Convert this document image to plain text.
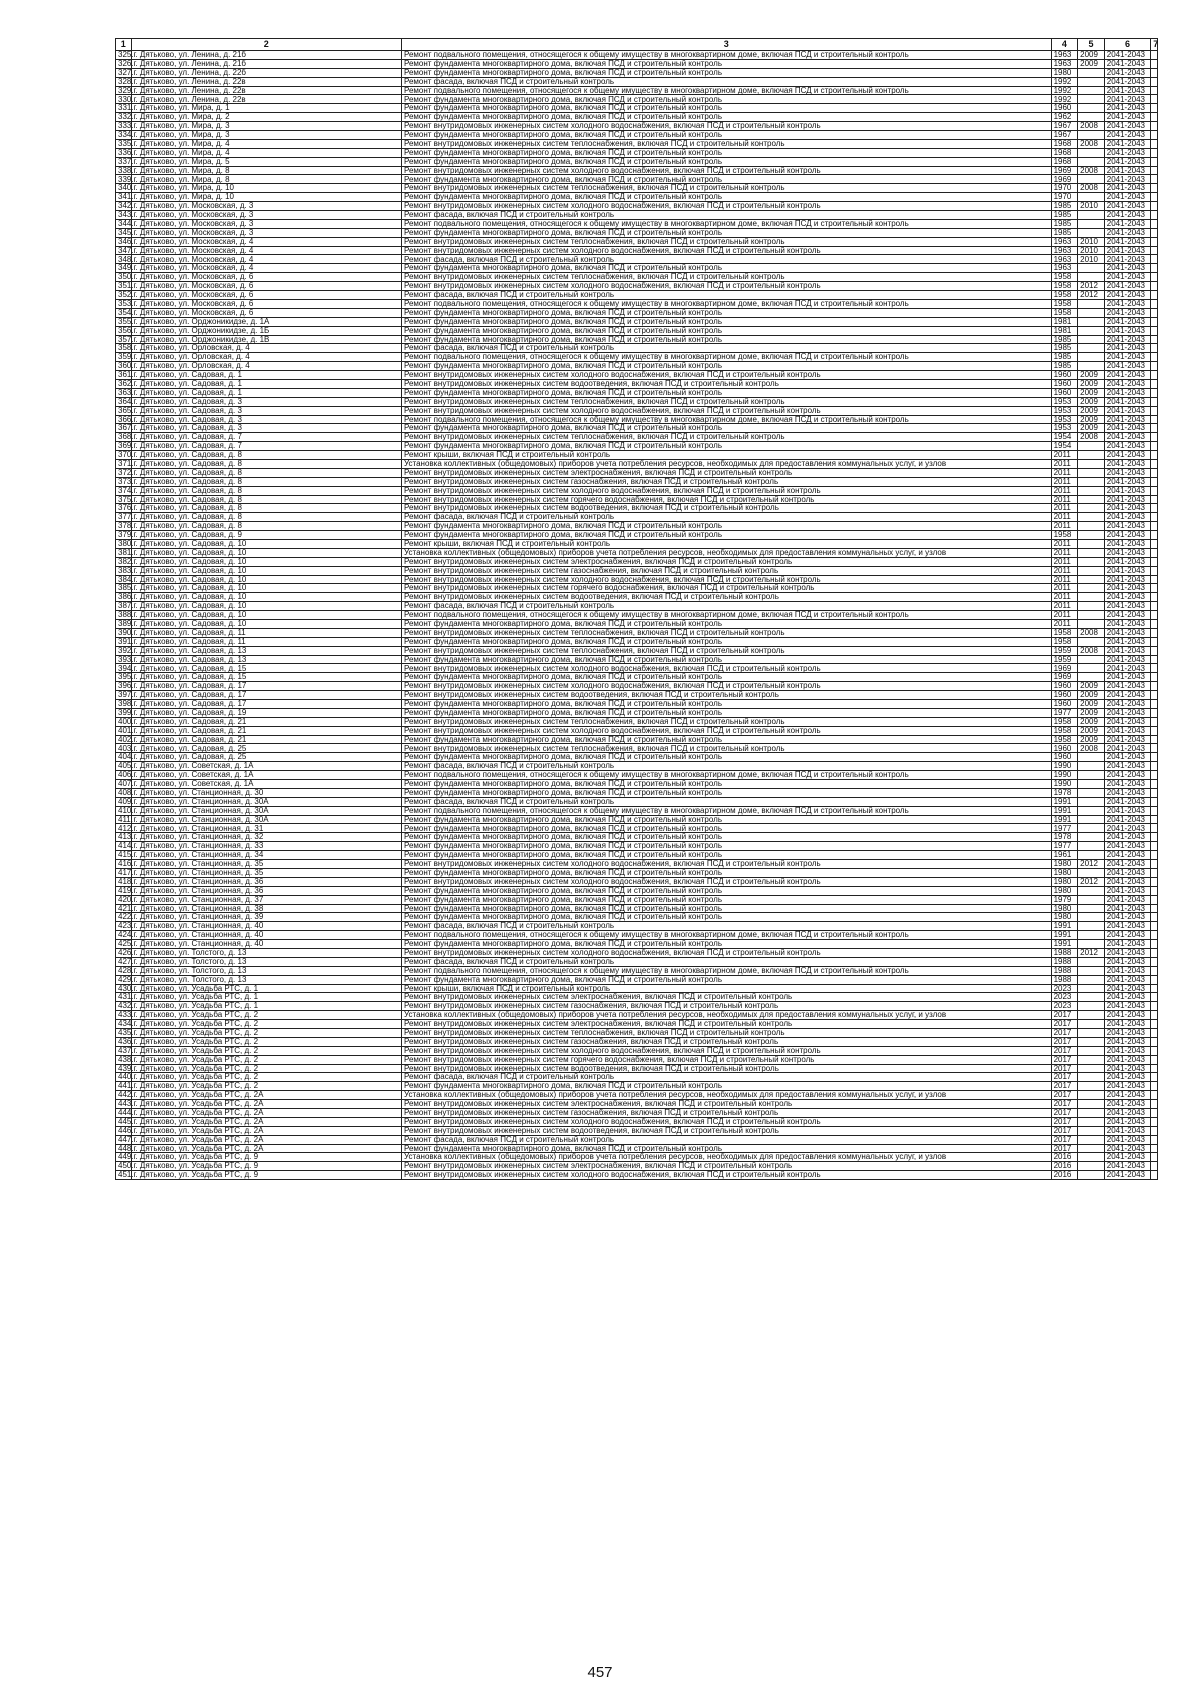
1	2	3	4	5	6	7
325.	г. Дятьково, ул. Ленина, д. 21б	Ремонт подвального помещения, относящегося к общему имуществу в многоквартирном доме, включая ПСД и строительный контроль	1963	2009	2041-2043	
326.	г. Дятьково, ул. Ленина, д. 21б	Ремонт фундамента многоквартирного дома, включая ПСД и строительный контроль	1963	2009	2041-2043	
327.	г. Дятьково, ул. Ленина, д. 22б	Ремонт фундамента многоквартирного дома, включая ПСД и строительный контроль	1980		2041-2043	
328.	г. Дятьково, ул. Ленина, д. 22в	Ремонт фасада, включая ПСД и строительный контроль	1992		2041-2043	
329.	г. Дятьково, ул. Ленина, д. 22в	Ремонт подвального помещения, относящегося к общему имуществу в многоквартирном доме, включая ПСД и строительный контроль	1992		2041-2043	
330.	г. Дятьково, ул. Ленина, д. 22в	Ремонт фундамента многоквартирного дома, включая ПСД и строительный контроль	1992		2041-2043	
331.	г. Дятьково, ул. Мира, д. 1	Ремонт фундамента многоквартирного дома, включая ПСД и строительный контроль	1960		2041-2043	
332.	г. Дятьково, ул. Мира, д. 2	Ремонт фундамента многоквартирного дома, включая ПСД и строительный контроль	1962		2041-2043	
333.	г. Дятьково, ул. Мира, д. 3	Ремонт внутридомовых инженерных систем холодного водоснабжения, включая ПСД и строительный контроль	1967	2008	2041-2043	
334.	г. Дятьково, ул. Мира, д. 3	Ремонт фундамента многоквартирного дома, включая ПСД и строительный контроль	1967		2041-2043	
335.	г. Дятьково, ул. Мира, д. 4	Ремонт внутридомовых инженерных систем теплоснабжения, включая ПСД и строительный контроль	1968	2008	2041-2043	
336.	г. Дятьково, ул. Мира, д. 4	Ремонт фундамента многоквартирного дома, включая ПСД и строительный контроль	1968		2041-2043	
337.	г. Дятьково, ул. Мира, д. 5	Ремонт фундамента многоквартирного дома, включая ПСД и строительный контроль	1968		2041-2043	
338.	г. Дятьково, ул. Мира, д. 8	Ремонт внутридомовых инженерных систем холодного водоснабжения, включая ПСД и строительный контроль	1969	2008	2041-2043	
339.	г. Дятьково, ул. Мира, д. 8	Ремонт фундамента многоквартирного дома, включая ПСД и строительный контроль	1969		2041-2043	
340.	г. Дятьково, ул. Мира, д. 10	Ремонт внутридомовых инженерных систем теплоснабжения, включая ПСД и строительный контроль	1970	2008	2041-2043	
341.	г. Дятьково, ул. Мира, д. 10	Ремонт фундамента многоквартирного дома, включая ПСД и строительный контроль	1970		2041-2043	
342.	г. Дятьково, ул. Московская, д. 3	Ремонт внутридомовых инженерных систем холодного водоснабжения, включая ПСД и строительный контроль	1985	2010	2041-2043	
343.	г. Дятьково, ул. Московская, д. 3	Ремонт фасада, включая ПСД и строительный контроль	1985		2041-2043	
344.	г. Дятьково, ул. Московская, д. 3	Ремонт подвального помещения, относящегося к общему имуществу в многоквартирном доме, включая ПСД и строительный контроль	1985		2041-2043	
345.	г. Дятьково, ул. Московская, д. 3	Ремонт фундамента многоквартирного дома, включая ПСД и строительный контроль	1985		2041-2043	
346.	г. Дятьково, ул. Московская, д. 4	Ремонт внутридомовых инженерных систем теплоснабжения, включая ПСД и строительный контроль	1963	2010	2041-2043	
347.	г. Дятьково, ул. Московская, д. 4	Ремонт внутридомовых инженерных систем холодного водоснабжения, включая ПСД и строительный контроль	1963	2010	2041-2043	
348.	г. Дятьково, ул. Московская, д. 4	Ремонт фасада, включая ПСД и строительный контроль	1963	2010	2041-2043	
349.	г. Дятьково, ул. Московская, д. 4	Ремонт фундамента многоквартирного дома, включая ПСД и строительный контроль	1963		2041-2043	
350.	г. Дятьково, ул. Московская, д. 6	Ремонт внутридомовых инженерных систем теплоснабжения, включая ПСД и строительный контроль	1958		2041-2043	
351.	г. Дятьково, ул. Московская, д. 6	Ремонт внутридомовых инженерных систем холодного водоснабжения, включая ПСД и строительный контроль	1958	2012	2041-2043	
352.	г. Дятьково, ул. Московская, д. 6	Ремонт фасада, включая ПСД и строительный контроль	1958	2012	2041-2043	
353.	г. Дятьково, ул. Московская, д. 6	Ремонт подвального помещения, относящегося к общему имуществу в многоквартирном доме, включая ПСД и строительный контроль	1958		2041-2043	
354.	г. Дятьково, ул. Московская, д. 6	Ремонт фундамента многоквартирного дома, включая ПСД и строительный контроль	1958		2041-2043	
355.	г. Дятьково, ул. Орджоникидзе, д. 1А	Ремонт фундамента многоквартирного дома, включая ПСД и строительный контроль	1981		2041-2043	
356.	г. Дятьково, ул. Орджоникидзе, д. 1Б	Ремонт фундамента многоквартирного дома, включая ПСД и строительный контроль	1981		2041-2043	
357.	г. Дятьково, ул. Орджоникидзе, д. 1В	Ремонт фундамента многоквартирного дома, включая ПСД и строительный контроль	1985		2041-2043	
358.	г. Дятьково, ул. Орловская, д. 4	Ремонт фасада, включая ПСД и строительный контроль	1985		2041-2043	
359.	г. Дятьково, ул. Орловская, д. 4	Ремонт подвального помещения, относящегося к общему имуществу в многоквартирном доме, включая ПСД и строительный контроль	1985		2041-2043	
360.	г. Дятьково, ул. Орловская, д. 4	Ремонт фундамента многоквартирного дома, включая ПСД и строительный контроль	1985		2041-2043	
361.	г. Дятьково, ул. Садовая, д. 1	Ремонт внутридомовых инженерных систем холодного водоснабжения, включая ПСД и строительный контроль	1960	2009	2041-2043	
362.	г. Дятьково, ул. Садовая, д. 1	Ремонт внутридомовых инженерных систем водоотведения, включая ПСД и строительный контроль	1960	2009	2041-2043	
363.	г. Дятьково, ул. Садовая, д. 1	Ремонт фундамента многоквартирного дома, включая ПСД и строительный контроль	1960	2009	2041-2043	
364.	г. Дятьково, ул. Садовая, д. 3	Ремонт внутридомовых инженерных систем теплоснабжения, включая ПСД и строительный контроль	1953	2009	2041-2043	
365.	г. Дятьково, ул. Садовая, д. 3	Ремонт внутридомовых инженерных систем холодного водоснабжения, включая ПСД и строительный контроль	1953	2009	2041-2043	
366.	г. Дятьково, ул. Садовая, д. 3	Ремонт подвального помещения, относящегося к общему имуществу в многоквартирном доме, включая ПСД и строительный контроль	1953	2009	2041-2043	
367.	г. Дятьково, ул. Садовая, д. 3	Ремонт фундамента многоквартирного дома, включая ПСД и строительный контроль	1953	2009	2041-2043	
368.	г. Дятьково, ул. Садовая, д. 7	Ремонт внутридомовых инженерных систем теплоснабжения, включая ПСД и строительный контроль	1954	2008	2041-2043	
369.	г. Дятьково, ул. Садовая, д. 7	Ремонт фундамента многоквартирного дома, включая ПСД и строительный контроль	1954		2041-2043	
370.	г. Дятьково, ул. Садовая, д. 8	Ремонт крыши, включая ПСД и строительный контроль	2011		2041-2043	
371.	г. Дятьково, ул. Садовая, д. 8	Установка коллективных (общедомовых) приборов учета потребления ресурсов, необходимых для предоставления коммунальных услуг, и узлов	2011		2041-2043	
372.	г. Дятьково, ул. Садовая, д. 8	Ремонт внутридомовых инженерных систем электроснабжения, включая ПСД и строительный контроль	2011		2041-2043	
373.	г. Дятьково, ул. Садовая, д. 8	Ремонт внутридомовых инженерных систем газоснабжения, включая ПСД и строительный контроль	2011		2041-2043	
374.	г. Дятьково, ул. Садовая, д. 8	Ремонт внутридомовых инженерных систем холодного водоснабжения, включая ПСД и строительный контроль	2011		2041-2043	
375.	г. Дятьково, ул. Садовая, д. 8	Ремонт внутридомовых инженерных систем горячего водоснабжения, включая ПСД и строительный контроль	2011		2041-2043	
376.	г. Дятьково, ул. Садовая, д. 8	Ремонт внутридомовых инженерных систем водоотведения, включая ПСД и строительный контроль	2011		2041-2043	
377.	г. Дятьково, ул. Садовая, д. 8	Ремонт фасада, включая ПСД и строительный контроль	2011		2041-2043	
378.	г. Дятьково, ул. Садовая, д. 8	Ремонт фундамента многоквартирного дома, включая ПСД и строительный контроль	2011		2041-2043	
379.	г. Дятьково, ул. Садовая, д. 9	Ремонт фундамента многоквартирного дома, включая ПСД и строительный контроль	1958		2041-2043	
380.	г. Дятьково, ул. Садовая, д. 10	Ремонт крыши, включая ПСД и строительный контроль	2011		2041-2043	
381.	г. Дятьково, ул. Садовая, д. 10	Установка коллективных (общедомовых) приборов учета потребления ресурсов, необходимых для предоставления коммунальных услуг, и узлов	2011		2041-2043	
382.	г. Дятьково, ул. Садовая, д. 10	Ремонт внутридомовых инженерных систем электроснабжения, включая ПСД и строительный контроль	2011		2041-2043	
383.	г. Дятьково, ул. Садовая, д. 10	Ремонт внутридомовых инженерных систем газоснабжения, включая ПСД и строительный контроль	2011		2041-2043	
384.	г. Дятьково, ул. Садовая, д. 10	Ремонт внутридомовых инженерных систем холодного водоснабжения, включая ПСД и строительный контроль	2011		2041-2043	
385.	г. Дятьково, ул. Садовая, д. 10	Ремонт внутридомовых инженерных систем горячего водоснабжения, включая ПСД и строительный контроль	2011		2041-2043	
386.	г. Дятьково, ул. Садовая, д. 10	Ремонт внутридомовых инженерных систем водоотведения, включая ПСД и строительный контроль	2011		2041-2043	
387.	г. Дятьково, ул. Садовая, д. 10	Ремонт фасада, включая ПСД и строительный контроль	2011		2041-2043	
388.	г. Дятьково, ул. Садовая, д. 10	Ремонт подвального помещения, относящегося к общему имуществу в многоквартирном доме, включая ПСД и строительный контроль	2011		2041-2043	
389.	г. Дятьково, ул. Садовая, д. 10	Ремонт фундамента многоквартирного дома, включая ПСД и строительный контроль	2011		2041-2043	
390.	г. Дятьково, ул. Садовая, д. 11	Ремонт внутридомовых инженерных систем теплоснабжения, включая ПСД и строительный контроль	1958	2008	2041-2043	
391.	г. Дятьково, ул. Садовая, д. 11	Ремонт фундамента многоквартирного дома, включая ПСД и строительный контроль	1958		2041-2043	
392.	г. Дятьково, ул. Садовая, д. 13	Ремонт внутридомовых инженерных систем теплоснабжения, включая ПСД и строительный контроль	1959	2008	2041-2043	
393.	г. Дятьково, ул. Садовая, д. 13	Ремонт фундамента многоквартирного дома, включая ПСД и строительный контроль	1959		2041-2043	
394.	г. Дятьково, ул. Садовая, д. 15	Ремонт внутридомовых инженерных систем холодного водоснабжения, включая ПСД и строительный контроль	1969		2041-2043	
395.	г. Дятьково, ул. Садовая, д. 15	Ремонт фундамента многоквартирного дома, включая ПСД и строительный контроль	1969		2041-2043	
396.	г. Дятьково, ул. Садовая, д. 17	Ремонт внутридомовых инженерных систем холодного водоснабжения, включая ПСД и строительный контроль	1960	2009	2041-2043	
397.	г. Дятьково, ул. Садовая, д. 17	Ремонт внутридомовых инженерных систем водоотведения, включая ПСД и строительный контроль	1960	2009	2041-2043	
398.	г. Дятьково, ул. Садовая, д. 17	Ремонт фундамента многоквартирного дома, включая ПСД и строительный контроль	1960	2009	2041-2043	
399.	г. Дятьково, ул. Садовая, д. 19	Ремонт фундамента многоквартирного дома, включая ПСД и строительный контроль	1977	2009	2041-2043	
400.	г. Дятьково, ул. Садовая, д. 21	Ремонт внутридомовых инженерных систем теплоснабжения, включая ПСД и строительный контроль	1958	2009	2041-2043	
401.	г. Дятьково, ул. Садовая, д. 21	Ремонт внутридомовых инженерных систем холодного водоснабжения, включая ПСД и строительный контроль	1958	2009	2041-2043	
402.	г. Дятьково, ул. Садовая, д. 21	Ремонт фундамента многоквартирного дома, включая ПСД и строительный контроль	1958	2009	2041-2043	
403.	г. Дятьково, ул. Садовая, д. 25	Ремонт внутридомовых инженерных систем теплоснабжения, включая ПСД и строительный контроль	1960	2008	2041-2043	
404.	г. Дятьково, ул. Садовая, д. 25	Ремонт фундамента многоквартирного дома, включая ПСД и строительный контроль	1960		2041-2043	
405.	г. Дятьково, ул. Советская, д. 1А	Ремонт фасада, включая ПСД и строительный контроль	1990		2041-2043	
406.	г. Дятьково, ул. Советская, д. 1А	Ремонт подвального помещения, относящегося к общему имуществу в многоквартирном доме, включая ПСД и строительный контроль	1990		2041-2043	
407.	г. Дятьково, ул. Советская, д. 1А	Ремонт фундамента многоквартирного дома, включая ПСД и строительный контроль	1990		2041-2043	
408.	г. Дятьково, ул. Станционная, д. 30	Ремонт фундамента многоквартирного дома, включая ПСД и строительный контроль	1978		2041-2043	
409.	г. Дятьково, ул. Станционная, д. 30А	Ремонт фасада, включая ПСД и строительный контроль	1991		2041-2043	
410.	г. Дятьково, ул. Станционная, д. 30А	Ремонт подвального помещения, относящегося к общему имуществу в многоквартирном доме, включая ПСД и строительный контроль	1991		2041-2043	
411.	г. Дятьково, ул. Станционная, д. 30А	Ремонт фундамента многоквартирного дома, включая ПСД и строительный контроль	1991		2041-2043	
412.	г. Дятьково, ул. Станционная, д. 31	Ремонт фундамента многоквартирного дома, включая ПСД и строительный контроль	1977		2041-2043	
413.	г. Дятьково, ул. Станционная, д. 32	Ремонт фундамента многоквартирного дома, включая ПСД и строительный контроль	1978		2041-2043	
414.	г. Дятьково, ул. Станционная, д. 33	Ремонт фундамента многоквартирного дома, включая ПСД и строительный контроль	1977		2041-2043	
415.	г. Дятьково, ул. Станционная, д. 34	Ремонт фундамента многоквартирного дома, включая ПСД и строительный контроль	1961		2041-2043	
416.	г. Дятьково, ул. Станционная, д. 35	Ремонт внутридомовых инженерных систем холодного водоснабжения, включая ПСД и строительный контроль	1980	2012	2041-2043	
417.	г. Дятьково, ул. Станционная, д. 35	Ремонт фундамента многоквартирного дома, включая ПСД и строительный контроль	1980		2041-2043	
418.	г. Дятьково, ул. Станционная, д. 36	Ремонт внутридомовых инженерных систем холодного водоснабжения, включая ПСД и строительный контроль	1980	2012	2041-2043	
419.	г. Дятьково, ул. Станционная, д. 36	Ремонт фундамента многоквартирного дома, включая ПСД и строительный контроль	1980		2041-2043	
420.	г. Дятьково, ул. Станционная, д. 37	Ремонт фундамента многоквартирного дома, включая ПСД и строительный контроль	1979		2041-2043	
421.	г. Дятьково, ул. Станционная, д. 38	Ремонт фундамента многоквартирного дома, включая ПСД и строительный контроль	1980		2041-2043	
422.	г. Дятьково, ул. Станционная, д. 39	Ремонт фундамента многоквартирного дома, включая ПСД и строительный контроль	1980		2041-2043	
423.	г. Дятьково, ул. Станционная, д. 40	Ремонт фасада, включая ПСД и строительный контроль	1991		2041-2043	
424.	г. Дятьково, ул. Станционная, д. 40	Ремонт подвального помещения, относящегося к общему имуществу в многоквартирном доме, включая ПСД и строительный контроль	1991		2041-2043	
425.	г. Дятьково, ул. Станционная, д. 40	Ремонт фундамента многоквартирного дома, включая ПСД и строительный контроль	1991		2041-2043	
426.	г. Дятьково, ул. Толстого, д. 13	Ремонт внутридомовых инженерных систем холодного водоснабжения, включая ПСД и строительный контроль	1988	2012	2041-2043	
427.	г. Дятьково, ул. Толстого, д. 13	Ремонт фасада, включая ПСД и строительный контроль	1988		2041-2043	
428.	г. Дятьково, ул. Толстого, д. 13	Ремонт подвального помещения, относящегося к общему имуществу в многоквартирном доме, включая ПСД и строительный контроль	1988		2041-2043	
429.	г. Дятьково, ул. Толстого, д. 13	Ремонт фундамента многоквартирного дома, включая ПСД и строительный контроль	1988		2041-2043	
430.	г. Дятьково, ул. Усадьба РТС, д. 1	Ремонт крыши, включая ПСД и строительный контроль	2023		2041-2043	
431.	г. Дятьково, ул. Усадьба РТС, д. 1	Ремонт внутридомовых инженерных систем электроснабжения, включая ПСД и строительный контроль	2023		2041-2043	
432.	г. Дятьково, ул. Усадьба РТС, д. 1	Ремонт внутридомовых инженерных систем газоснабжения, включая ПСД и строительный контроль	2023		2041-2043	
433.	г. Дятьково, ул. Усадьба РТС, д. 2	Установка коллективных (общедомовых) приборов учета потребления ресурсов, необходимых для предоставления коммунальных услуг, и узлов	2017		2041-2043	
434.	г. Дятьково, ул. Усадьба РТС, д. 2	Ремонт внутридомовых инженерных систем электроснабжения, включая ПСД и строительный контроль	2017		2041-2043	
435.	г. Дятьково, ул. Усадьба РТС, д. 2	Ремонт внутридомовых инженерных систем теплоснабжения, включая ПСД и строительный контроль	2017		2041-2043	
436.	г. Дятьково, ул. Усадьба РТС, д. 2	Ремонт внутридомовых инженерных систем газоснабжения, включая ПСД и строительный контроль	2017		2041-2043	
437.	г. Дятьково, ул. Усадьба РТС, д. 2	Ремонт внутридомовых инженерных систем холодного водоснабжения, включая ПСД и строительный контроль	2017		2041-2043	
438.	г. Дятьково, ул. Усадьба РТС, д. 2	Ремонт внутридомовых инженерных систем горячего водоснабжения, включая ПСД и строительный контроль	2017		2041-2043	
439.	г. Дятьково, ул. Усадьба РТС, д. 2	Ремонт внутридомовых инженерных систем водоотведения, включая ПСД и строительный контроль	2017		2041-2043	
440.	г. Дятьково, ул. Усадьба РТС, д. 2	Ремонт фасада, включая ПСД и строительный контроль	2017		2041-2043	
441.	г. Дятьково, ул. Усадьба РТС, д. 2	Ремонт фундамента многоквартирного дома, включая ПСД и строительный контроль	2017		2041-2043	
442.	г. Дятьково, ул. Усадьба РТС, д. 2А	Установка коллективных (общедомовых) приборов учета потребления ресурсов, необходимых для предоставления коммунальных услуг, и узлов	2017		2041-2043	
443.	г. Дятьково, ул. Усадьба РТС, д. 2А	Ремонт внутридомовых инженерных систем электроснабжения, включая ПСД и строительный контроль	2017		2041-2043	
444.	г. Дятьково, ул. Усадьба РТС, д. 2А	Ремонт внутридомовых инженерных систем газоснабжения, включая ПСД и строительный контроль	2017		2041-2043	
445.	г. Дятьково, ул. Усадьба РТС, д. 2А	Ремонт внутридомовых инженерных систем холодного водоснабжения, включая ПСД и строительный контроль	2017		2041-2043	
446.	г. Дятьково, ул. Усадьба РТС, д. 2А	Ремонт внутридомовых инженерных систем водоотведения, включая ПСД и строительный контроль	2017		2041-2043	
447.	г. Дятьково, ул. Усадьба РТС, д. 2А	Ремонт фасада, включая ПСД и строительный контроль	2017		2041-2043	
448.	г. Дятьково, ул. Усадьба РТС, д. 2А	Ремонт фундамента многоквартирного дома, включая ПСД и строительный контроль	2017		2041-2043	
449.	г. Дятьково, ул. Усадьба РТС, д. 9	Установка коллективных (общедомовых) приборов учета потребления ресурсов, необходимых для предоставления коммунальных услуг, и узлов	2016		2041-2043	
450.	г. Дятьково, ул. Усадьба РТС, д. 9	Ремонт внутридомовых инженерных систем электроснабжения, включая ПСД и строительный контроль	2016		2041-2043	
451.	г. Дятьково, ул. Усадьба РТС, д. 9	Ремонт внутридомовых инженерных систем холодного водоснабжения, включая ПСД и строительный контроль	2016		2041-2043	
457
